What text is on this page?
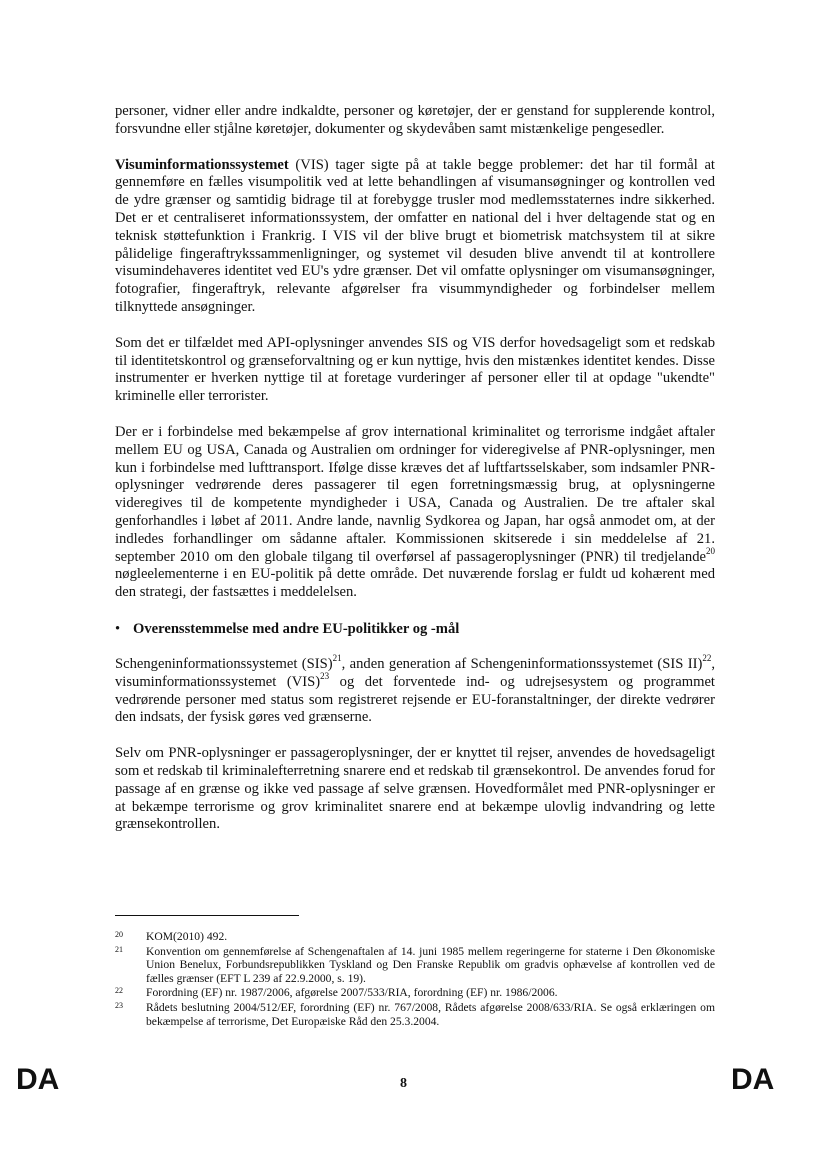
personer, vidner eller andre indkaldte, personer og køretøjer, der er genstand for supplerende kontrol, forsvundne eller stjålne køretøjer, dokumenter og skydevåben samt mistænkelige pengesedler.

Visuminformationssystemet (VIS) tager sigte på at takle begge problemer: det har til formål at gennemføre en fælles visumpolitik ved at lette behandlingen af visumansøgninger og kontrollen ved de ydre grænser og samtidig bidrage til at forebygge trusler mod medlemsstaternes indre sikkerhed. Det er et centraliseret informationssystem, der omfatter en national del i hver deltagende stat og en teknisk støttefunktion i Frankrig. I VIS vil der blive brugt et biometrisk matchsystem til at sikre pålidelige fingeraftrykssammenligninger, og systemet vil desuden blive anvendt til at kontrollere visumindehaveres identitet ved EU's ydre grænser. Det vil omfatte oplysninger om visumansøgninger, fotografier, fingeraftryk, relevante afgørelser fra visummyndigheder og forbindelser mellem tilknyttede ansøgninger.

Som det er tilfældet med API-oplysninger anvendes SIS og VIS derfor hovedsageligt som et redskab til identitetskontrol og grænseforvaltning og er kun nyttige, hvis den mistænkes identitet kendes. Disse instrumenter er hverken nyttige til at foretage vurderinger af personer eller til at opdage "ukendte" kriminelle eller terrorister.

Der er i forbindelse med bekæmpelse af grov international kriminalitet og terrorisme indgået aftaler mellem EU og USA, Canada og Australien om ordninger for videregivelse af PNR-oplysninger, men kun i forbindelse med lufttransport. Ifølge disse kræves det af luftfartsselskaber, som indsamler PNR-oplysninger vedrørende deres passagerer til egen forretningsmæssig brug, at oplysningerne videregives til de kompetente myndigheder i USA, Canada og Australien. De tre aftaler skal genforhandles i løbet af 2011. Andre lande, navnlig Sydkorea og Japan, har også anmodet om, at der indledes forhandlinger om sådanne aftaler. Kommissionen skitserede i sin meddelelse af 21. september 2010 om den globale tilgang til overførsel af passageroplysninger (PNR) til tredjelande$^{20}$ nøgleelementerne i en EU-politik på dette område. Det nuværende forslag er fuldt ud kohærent med den strategi, der fastsættes i meddelelsen.

• Overensstemmelse med andre EU-politikker og -mål

Schengeninformationssystemet (SIS)$^{21}$, anden generation af Schengeninformationssystemet (SIS II)$^{22}$, visuminformationssystemet (VIS)$^{23}$ og det forventede ind- og udrejsesystem og programmet vedrørende personer med status som registreret rejsende er EU-foranstaltninger, der direkte vedrører den indsats, der fysisk gøres ved grænserne.

Selv om PNR-oplysninger er passageroplysninger, der er knyttet til rejser, anvendes de hovedsageligt som et redskab til kriminalefterretning snarere end et redskab til grænsekontrol. De anvendes forud for passage af en grænse og ikke ved passage af selve grænsen. Hovedformålet med PNR-oplysninger er at bekæmpe terrorisme og grov kriminalitet snarere end at bekæmpe ulovlig indvandring og lette grænsekontrollen.

20	KOM(2010) 492.
21	Konvention om gennemførelse af Schengenaftalen af 14. juni 1985 mellem regeringerne for staterne i Den Økonomiske Union Benelux, Forbundsrepublikken Tyskland og Den Franske Republik om gradvis ophævelse af kontrollen ved de fælles grænser (EFT L 239 af 22.9.2000, s. 19).
22	Forordning (EF) nr. 1987/2006, afgørelse 2007/533/RIA, forordning (EF) nr. 1986/2006.
23	Rådets beslutning 2004/512/EF, forordning (EF) nr. 767/2008, Rådets afgørelse 2008/633/RIA. Se også erklæringen om bekæmpelse af terrorisme, Det Europæiske Råd den 25.3.2004.
DA	8	DA
